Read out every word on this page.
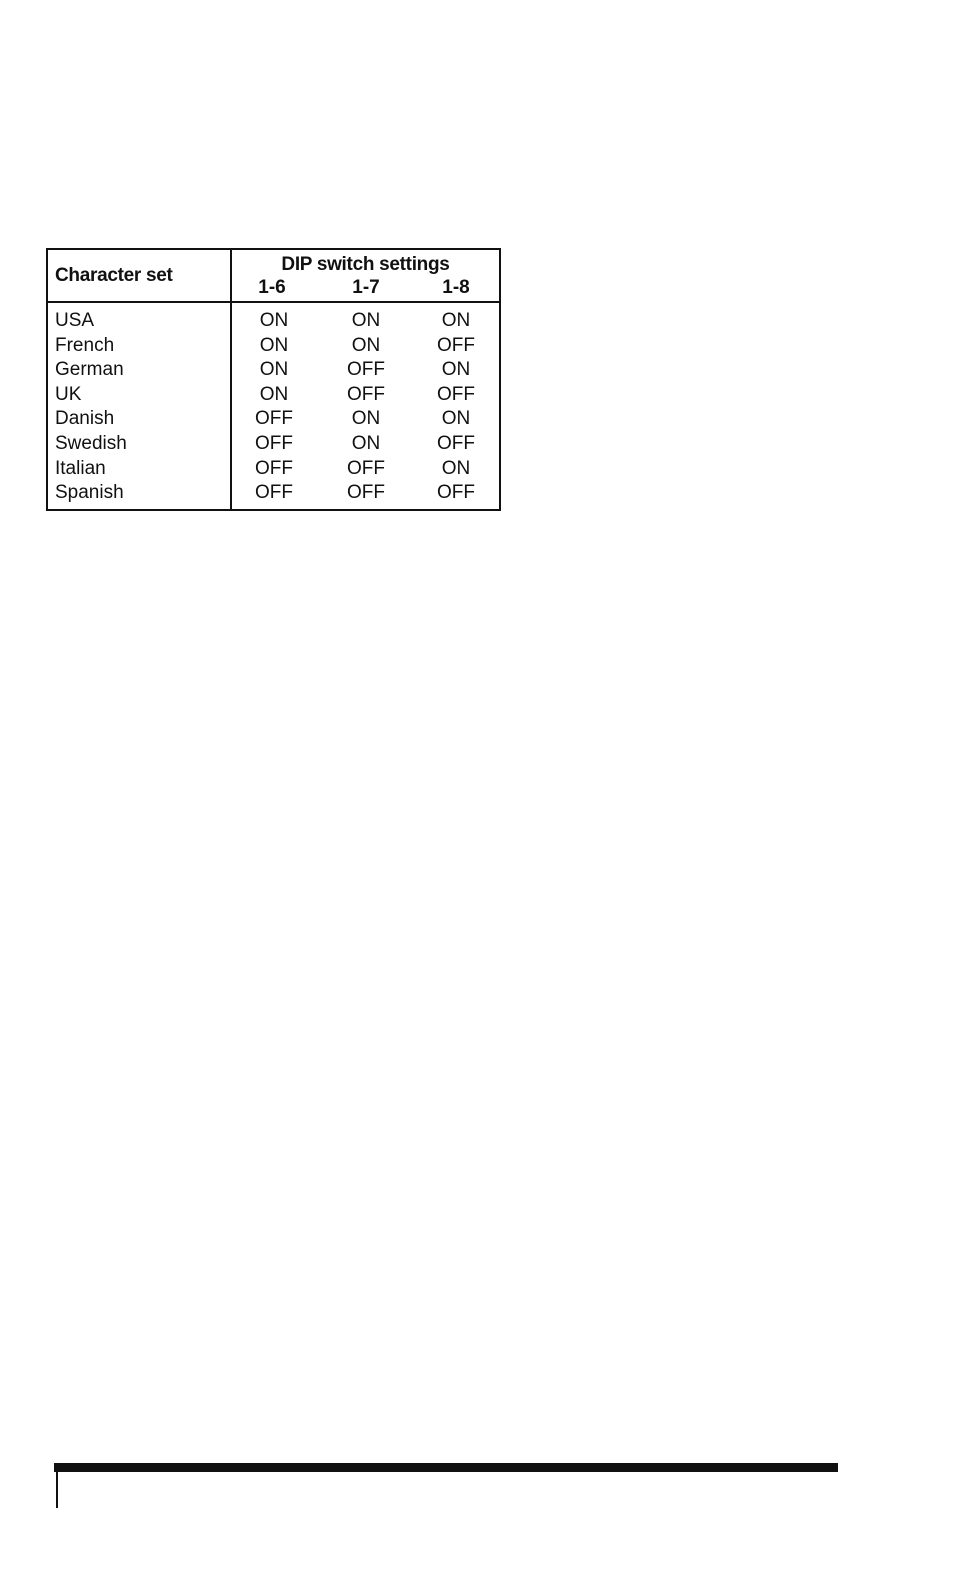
Character set
DIP switch settings
1-6	1-7	1-8
USA	ON	ON	ON
French	ON	ON	OFF
German	ON	OFF	ON
UK	ON	OFF	OFF
Danish	OFF	ON	ON
Swedish	OFF	ON	OFF
Italian	OFF	OFF	ON
Spanish	OFF	OFF	OFF
